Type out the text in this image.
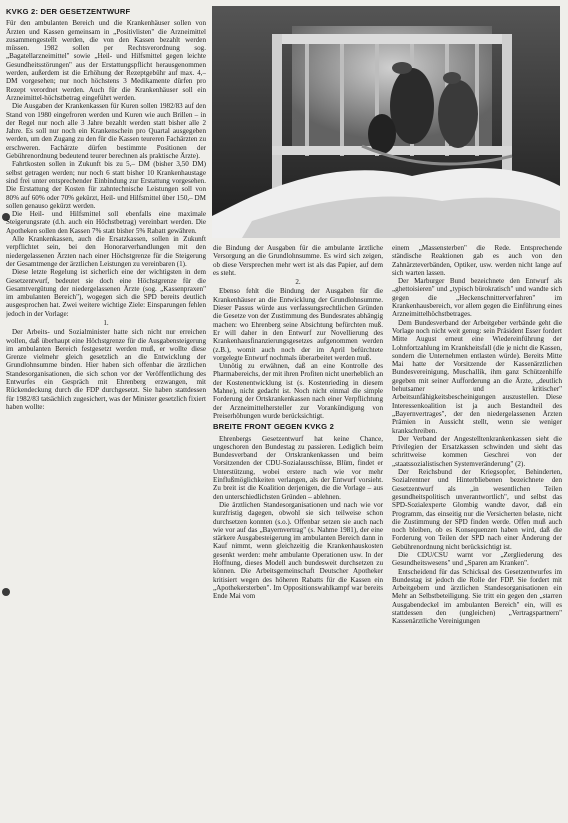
KVKG 2: DER GESETZENTWURF

Für den ambulanten Bereich und die Krankenhäuser sollen von Ärzten und Kassen gemeinsam in „Positivlisten" die Arzneimittel zusammengestellt werden, die von den Kassen bezahlt werden müssen. 1982 sollen per Rechtsverordnung sog. „Bagatellarzneimittel" sowie „Heil- und Hilfsmittel gegen leichte Gesundheitsstörungen" aus der Erstattungspflicht herausgenommen werden, außerdem ist die Erhöhung der Rezeptgebühr auf max. 4,– DM vorgesehen; nur noch höchstens 3 Medikamente dürfen pro Rezept verordnet werden. Auch für die Krankenhäuser soll ein Arzneimittel-höchstbetrag eingeführt werden.

Die Ausgaben der Krankenkassen für Kuren sollen 1982/83 auf den Stand von 1980 eingefroren werden und Kuren wie auch Brillen – in der Regel nur noch alle 3 Jahre bezahlt werden statt bisher alle 2 Jahre. Es soll nur noch ein Krankenschein pro Quartal ausgegeben werden, um den Zugang zu den für die Kassen teureren Fachärzten zu erschweren. Fachärzte dürfen bestimmte Positionen der Gebührenordnung bedeutend teurer berechnen als praktische Ärzte).

Fahrtkosten sollen in Zukunft bis zu 5,– DM (bisher 3,50 DM) selbst getragen werden; nur noch 6 statt bisher 10 Krankenhaustage sind frei unter entsprechender Einbindung zur Erstattung vorgesehen. Die Erstattung der Kosten für zahntechnische Leistungen soll von 80% auf 60% oder 70% gekürzt, Heil- und Hilfsmittel über 150,– DM sollen genauso gekürzt werden.

Die Heil- und Hilfsmittel soll ebenfalls eine maximale Steigerungsrate (d.h. auch ein Höchstbetrag) vereinbart werden. Die Apotheken sollen den Kassen 7% statt bisher 5% Rabatt gewähren.

Alle Krankenkassen, auch die Ersatzkassen, sollen in Zukunft verpflichtet sein, bei den Honorarverhandlungen mit den niedergelassenen Ärzten nach einer Höchstgrenze für die Steigerung der Gesamtmenge der ärztlichen Leistungen zu vereinbaren (1).

Diese letzte Regelung ist sicherlich eine der wichtigsten in dem Gesetzentwurf, bedeutet sie doch eine Höchstgrenze für die Gesamtvergütung der niedergelassenen Ärzte (sog. „Kassenpraxen" im ambulanten Bereich"), wogegen sich die SPD bereits deutlich ausgesprochen hat. Zwei weitere wichtige Ziele: Einsparungen fehlen jedoch in der Vorlage:

1.

Der Arbeits- und Sozialminister hatte sich nicht nur erreichen wollen, daß überhaupt eine Höchstgrenze für die Ausgabensteigerung im ambulanten Bereich festgesetzt werden muß, er wollte diese Grenze vielmehr gleich gesetzlich an die Entwicklung der Grundlohnsumme binden. Hier haben sich offenbar die ärztlichen Standesorganisationen, die sich schon vor der Veröffentlichung des Entwurfes ein Gespräch mit Ehrenberg erzwangen, mit Rückendeckung durch die FDP durchgesetzt. Sie haben stattdessen für 1982/83 tatsächlich zugesichert, was der Minister gesetzlich fixiert haben wollte:

die Bindung der Ausgaben für die ambulante ärztliche Versorgung an die Grundlohnsumme. Es wird sich zeigen, ob diese Versprechen mehr wert ist als das Papier, auf dem es steht.

2.

Ebenso fehlt die Bindung der Ausgaben für die Krankenhäuser an die Entwicklung der Grundlohnsumme. Dieser Passus würde aus verfassungsrechtlichen Gründen die Gesetze von der Zustimmung des Bundesrates abhängig machen: wo Ehrenberg seine Absichtung befürchten muß. Er will daher in den Entwurf zur Novellierung des Krankenhausfinanzierungsgesetzes aufgenommen werden (z.B.), womit auch noch der im April befürchtete vorgelegte Entwurf nochmals überarbeitet werden muß.

Unnötig zu erwähnen, daß an eine Kontrolle des Pharmabereichs, der mit ihren Profiten nicht unerheblich an der Kostenentwicklung ist (s. Kostenrieding in diesem Mahne), nicht gedacht ist. Noch nicht einmal die simple Forderung der Ortskrankenkassen nach einer Verpflichtung der Arzneimittelhersteller zur Vorankündigung von Preiserhöhungen wurde berücksichtigt.

BREITE FRONT GEGEN KVKG 2

Ehrenbergs Gesetzentwurf hat keine Chance, ungeschoren den Bundestag zu passieren. Lediglich beim Bundesverband der Ortskrankenkassen und beim Vorsitzenden der CDU-Sozialausschüsse, Blüm, findet er Unterstützung, wobei erstere nach wie vor mehr Einflußmöglichkeiten verlangen, als der Entwurf vorsieht. Zu breit ist die Koalition derjenigen, die die Vorlage – aus den unterschiedlichsten Gründen – ablehnen.

Die ärztlichen Standesorganisationen und nach wie vor kurzfristig dagegen, obwohl sie sich teilweise schon durchsetzen konnten (s.o.). Offenbar setzen sie auch nach wie vor auf das „Bayernvertrag" (s. Nahme 1981), der eine stärkere Ausgabesteigerung im ambulanten Bereich dann in Kauf nimmt, wenn gleichzeitig die Krankenhauskosten gesenkt werden: mehr ambulante Operationen usw. In der Hoffnung, dieses Modell auch bundesweit durchsetzen zu können. Die Arbeitsgemeinschaft Deutscher Apotheker kritisiert wegen des höheren Rabatts für die Kassen ein „Apothekersterben". Im Oppositionswahlkampf war bereits Ende Mai vom

einem „Massensterben" die Rede. Entsprechende ständische Reaktionen gab es auch von den Zahnärzteverbänden, Optiker, usw. werden nicht lange auf sich warten lassen.

Der Marburger Bund bezeichnete den Entwurf als „ghettoisieren" und „typisch bürokratisch" und wandte sich gegen die „Heckenschnitterverfahren" im Krankenhausbereich, vor allem gegen die Einführung eines Arzneimittelhöchstbetrages.

Dem Bundesverband der Arbeitgeber verbände geht die Vorlage noch nicht weit genug: sein Präsident Esser fordert Mitte August erneut eine Wiedereinführung der Lohnfortzahlung im Krankheitsfall (die je nicht die Kassen, sondern die Unternehmen entlasten würde). Bereits Mitte Mai hatte der Vorsitzende der Kassenärztlichen Bundesvereinigung, Muschallik, ihm ganz Schützenhilfe gegeben mit seiner Aufforderung an die Ärzte, „deutlich behutsamer und kritischer" Arbeitsunfähigkeitsbescheinigungen auszustellen. Diese Interessenkoalition ist ja auch Bestandteil des „Bayernvertrages", der den niedergelassenen Ärzten Prämien in Aussicht stellt, wenn sie weniger krankschreiben.

Der Verband der Angestelltenkrankenkassen sieht die Privilegien der Ersatzkassen schwinden und sieht das schrittweise kommen Geschrei von der „staatssozialistischen Systemveränderung" (2).

Der Reichsbund der Kriegsopfer, Behinderten, Sozialrentner und Hinterbliebenen bezeichnete den Gesetzentwurf als „in wesentlichen Teilen gesundheitspolitisch unverantwortlich", und selbst das SPD-Sozialexperte Glombig wandte davor, daß ein Programm, das einseitig nur die Versicherten belaste, nicht die Zustimmung der SPD finden werde. Offen muß auch noch bleiben, ob es Konsequenzen haben wird, daß die Forderung von Teilen der SPD nach einer Änderung der Gebührenordnung nicht berücksichtigt ist.

Die CDU/CSU warnt vor „Zergliederung des Gesundheitswesens" und „Sparen am Kranken".

Entscheidend für das Schicksal des Gesetzentwurfes im Bundestag ist jedoch die Rolle der FDP. Sie fordert mit Arbeitgebern und ärztlichen Standesorganisationen ein Mehr an Selbstbeteiligung. Sie tritt ein gegen den „starren Ausgabendeckel im ambulanten Bereich" ein, will es stattdessen den (ungleichen) „Vertragspartnern" Kassenärztliche Vereinigungen
